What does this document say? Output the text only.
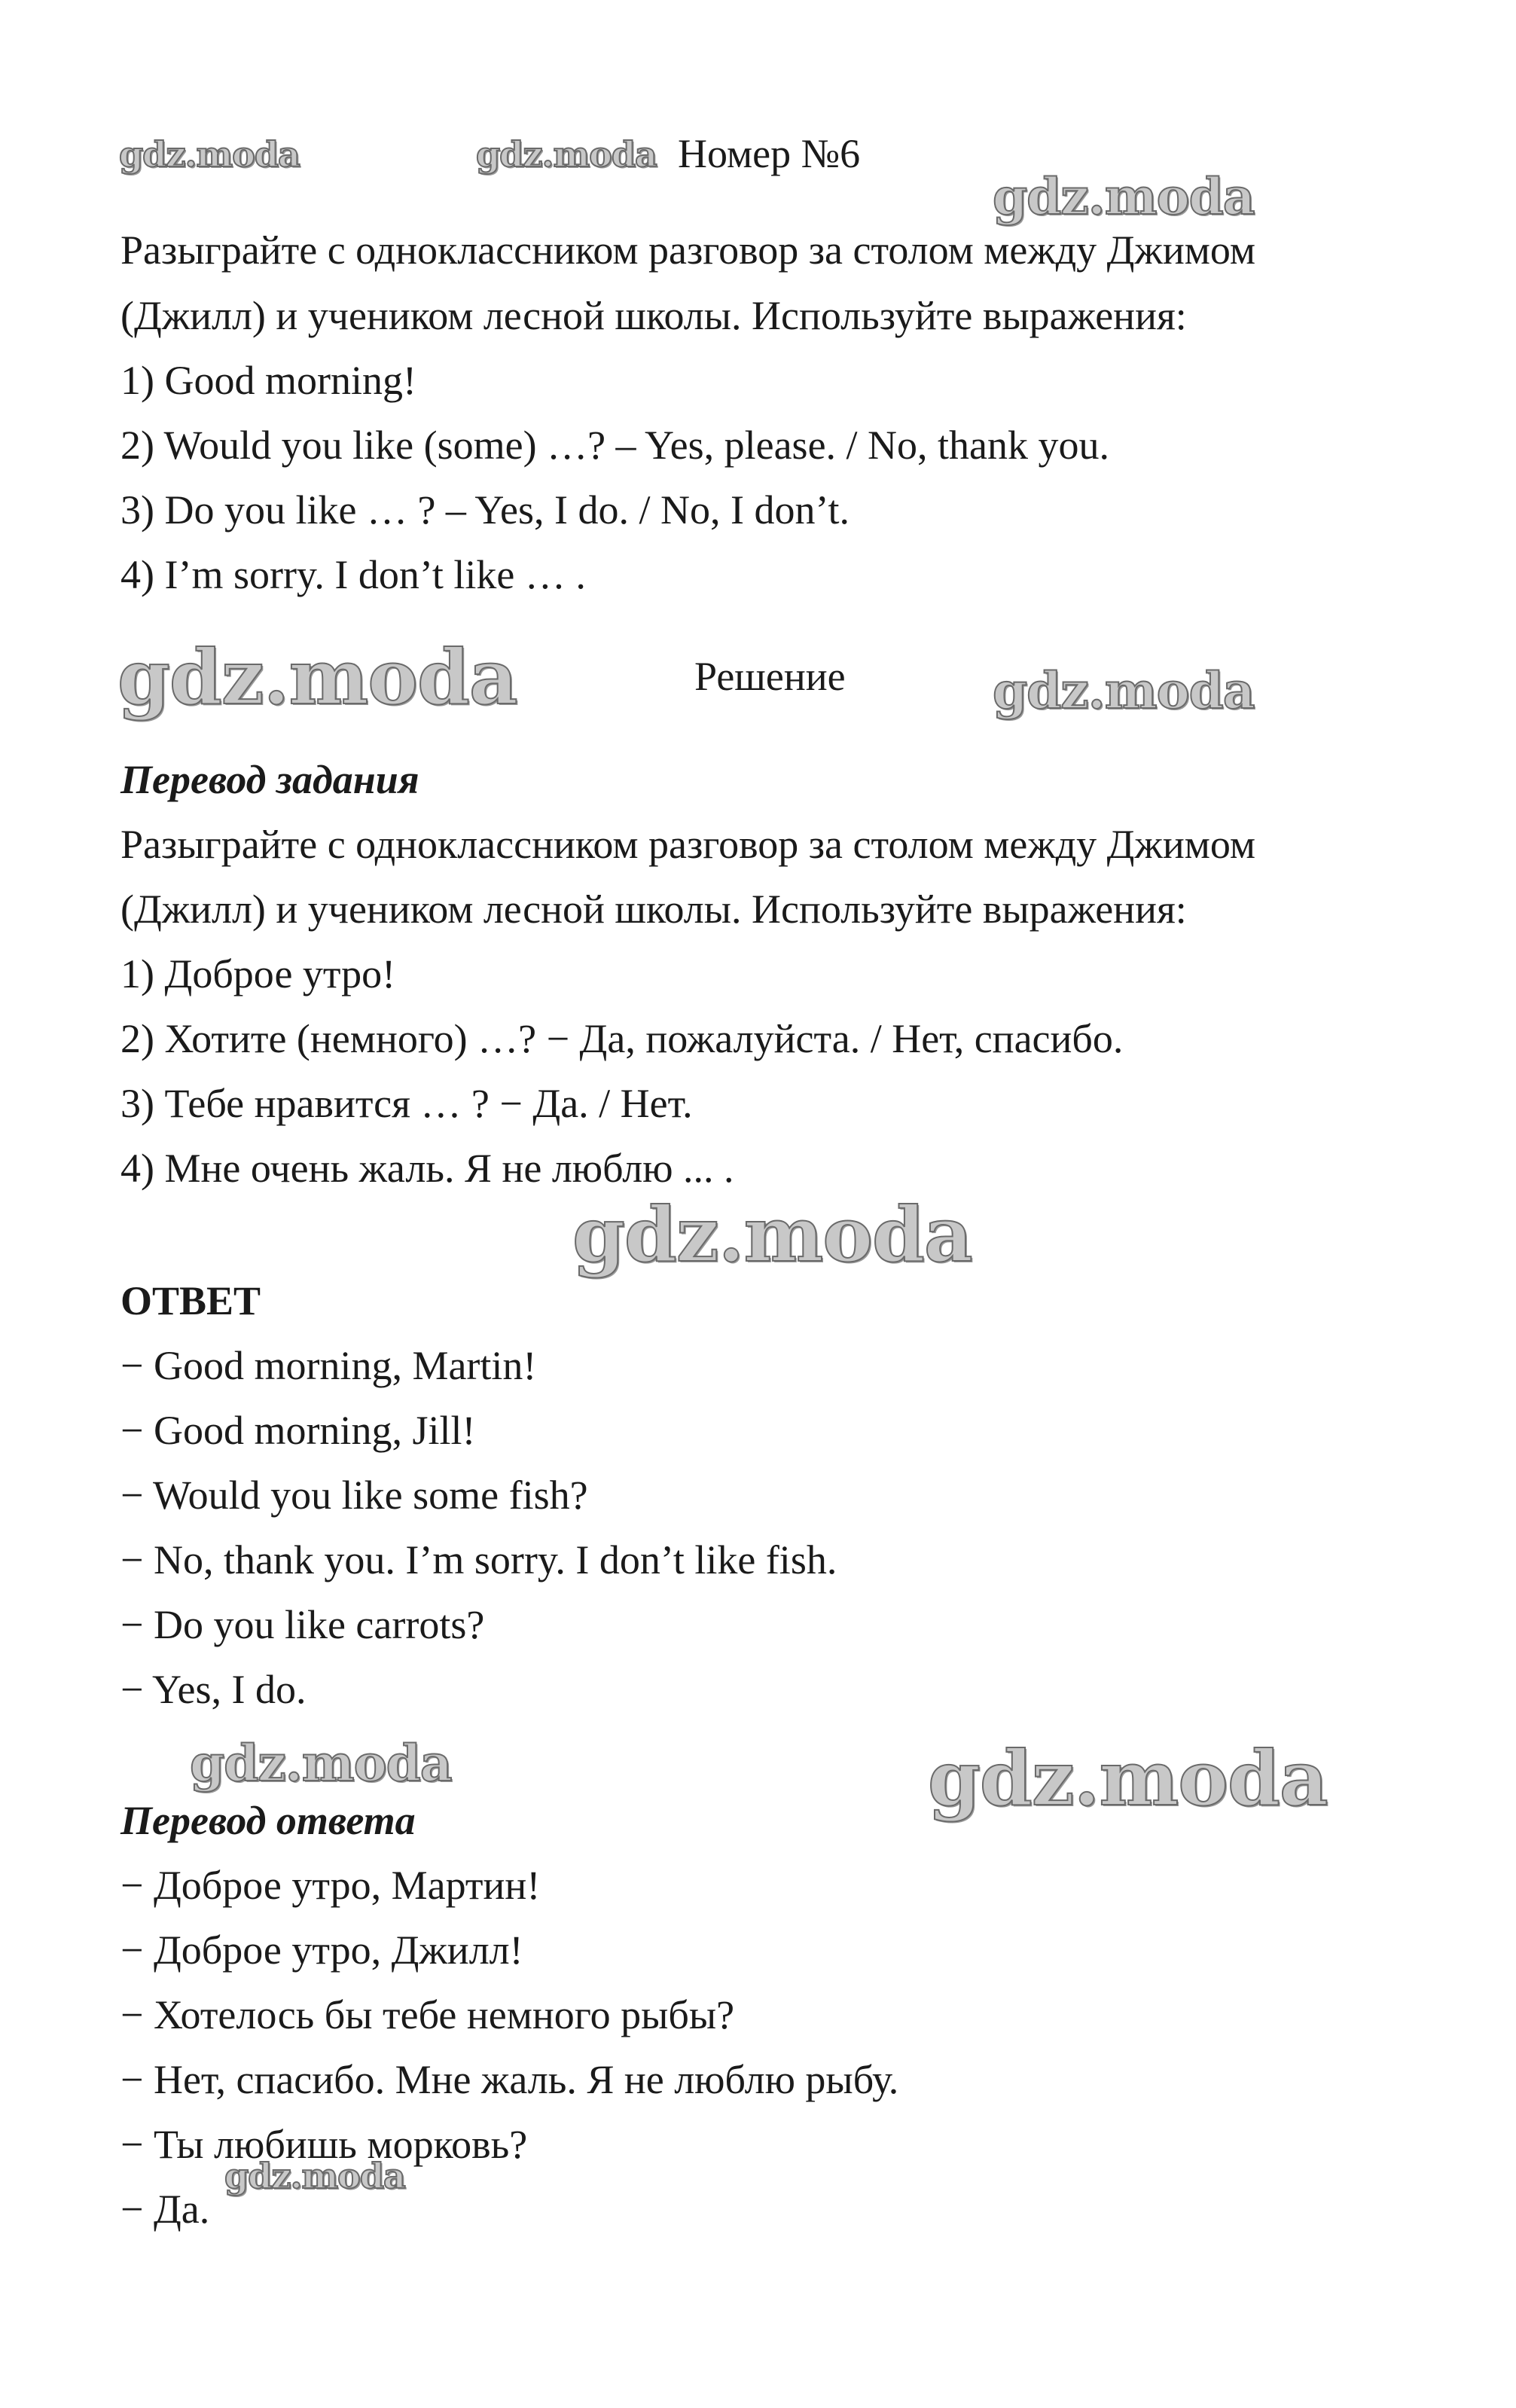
gdz.moda	gdz.moda
gdz.moda
gdz.moda	gdz.moda
gdz.moda
gdz.moda	gdz.moda
gdz.moda
Номер №6
Разыграйте с одноклассником разговор за столом между Джимом
(Джилл) и учеником лесной школы. Используйте выражения:
1) Good morning!
2) Would you like (some) …? – Yes, please. / No, thank you.
3) Do you like … ? – Yes, I do. / No, I don’t.
4) I’m sorry. I don’t like … .
Решение
Перевод задания
Разыграйте с одноклассником разговор за столом между Джимом
(Джилл) и учеником лесной школы. Используйте выражения:
1) Доброе утро!
2) Хотите (немного) …? − Да, пожалуйста. / Нет, спасибо.
3) Тебе нравится … ? − Да. / Нет.
4) Мне очень жаль. Я не люблю ... .
ОТВЕТ
− Good morning, Martin!
− Good morning, Jill!
− Would you like some fish?
− No, thank you. I’m sorry. I don’t like fish.
− Do you like carrots?
− Yes, I do.
Перевод ответа
− Доброе утро, Мартин!
− Доброе утро, Джилл!
− Хотелось бы тебе немного рыбы?
− Нет, спасибо. Мне жаль. Я не люблю рыбу.
− Ты любишь морковь?
− Да.
